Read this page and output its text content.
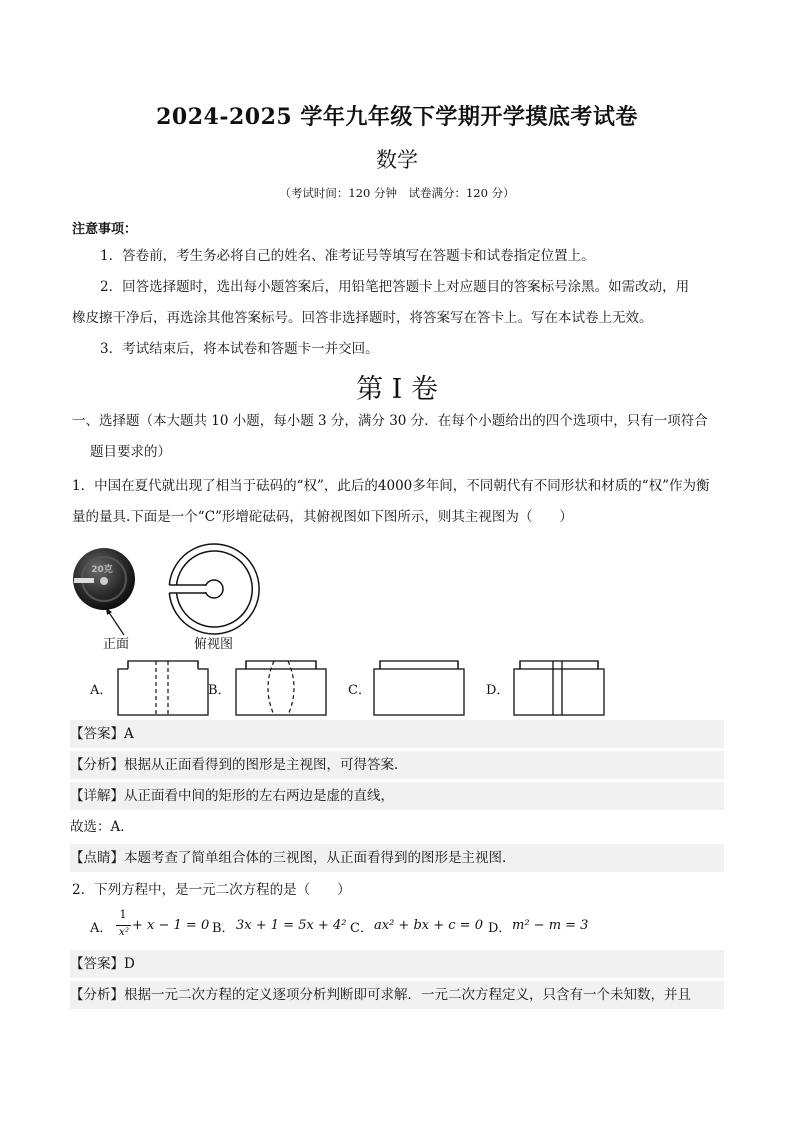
2024-2025 学年九年级下学期开学摸底考试卷
数学
（考试时间：120 分钟　试卷满分：120 分）
注意事项：
1．答卷前，考生务必将自己的姓名、准考证号等填写在答题卡和试卷指定位置上。
2．回答选择题时，选出每小题答案后，用铅笔把答题卡上对应题目的答案标号涂黑。如需改动，用
橡皮擦干净后，再选涂其他答案标号。回答非选择题时，将答案写在答卡上。写在本试卷上无效。
3．考试结束后，将本试卷和答题卡一并交回。
第 I 卷
一、选择题（本大题共 10 小题，每小题 3 分，满分 30 分．在每个小题给出的四个选项中，只有一项符合
题目要求的）
1．中国在夏代就出现了相当于砝码的“权”，此后的4000多年间，不同朝代有不同形状和材质的“权”作为衡
量的量具.下面是一个“C”形增砣砝码，其俯视图如下图所示，则其主视图为（　　）
20克
正面	俯视图
A．	B．	C．	D．
【答案】A
【分析】根据从正面看得到的图形是主视图，可得答案．
【详解】从正面看中间的矩形的左右两边是虚的直线，
故选：A．
【点睛】本题考查了简单组合体的三视图，从正面看得到的图形是主视图．
2．下列方程中，是一元二次方程的是（　　）
A．
1
x² + x − 1 = 0 B． 3x + 1 = 5x + 4² C． ax² + bx + c = 0 D． m² − m = 3
【答案】D
【分析】根据一元二次方程的定义逐项分析判断即可求解．一元二次方程定义，只含有一个未知数，并且
